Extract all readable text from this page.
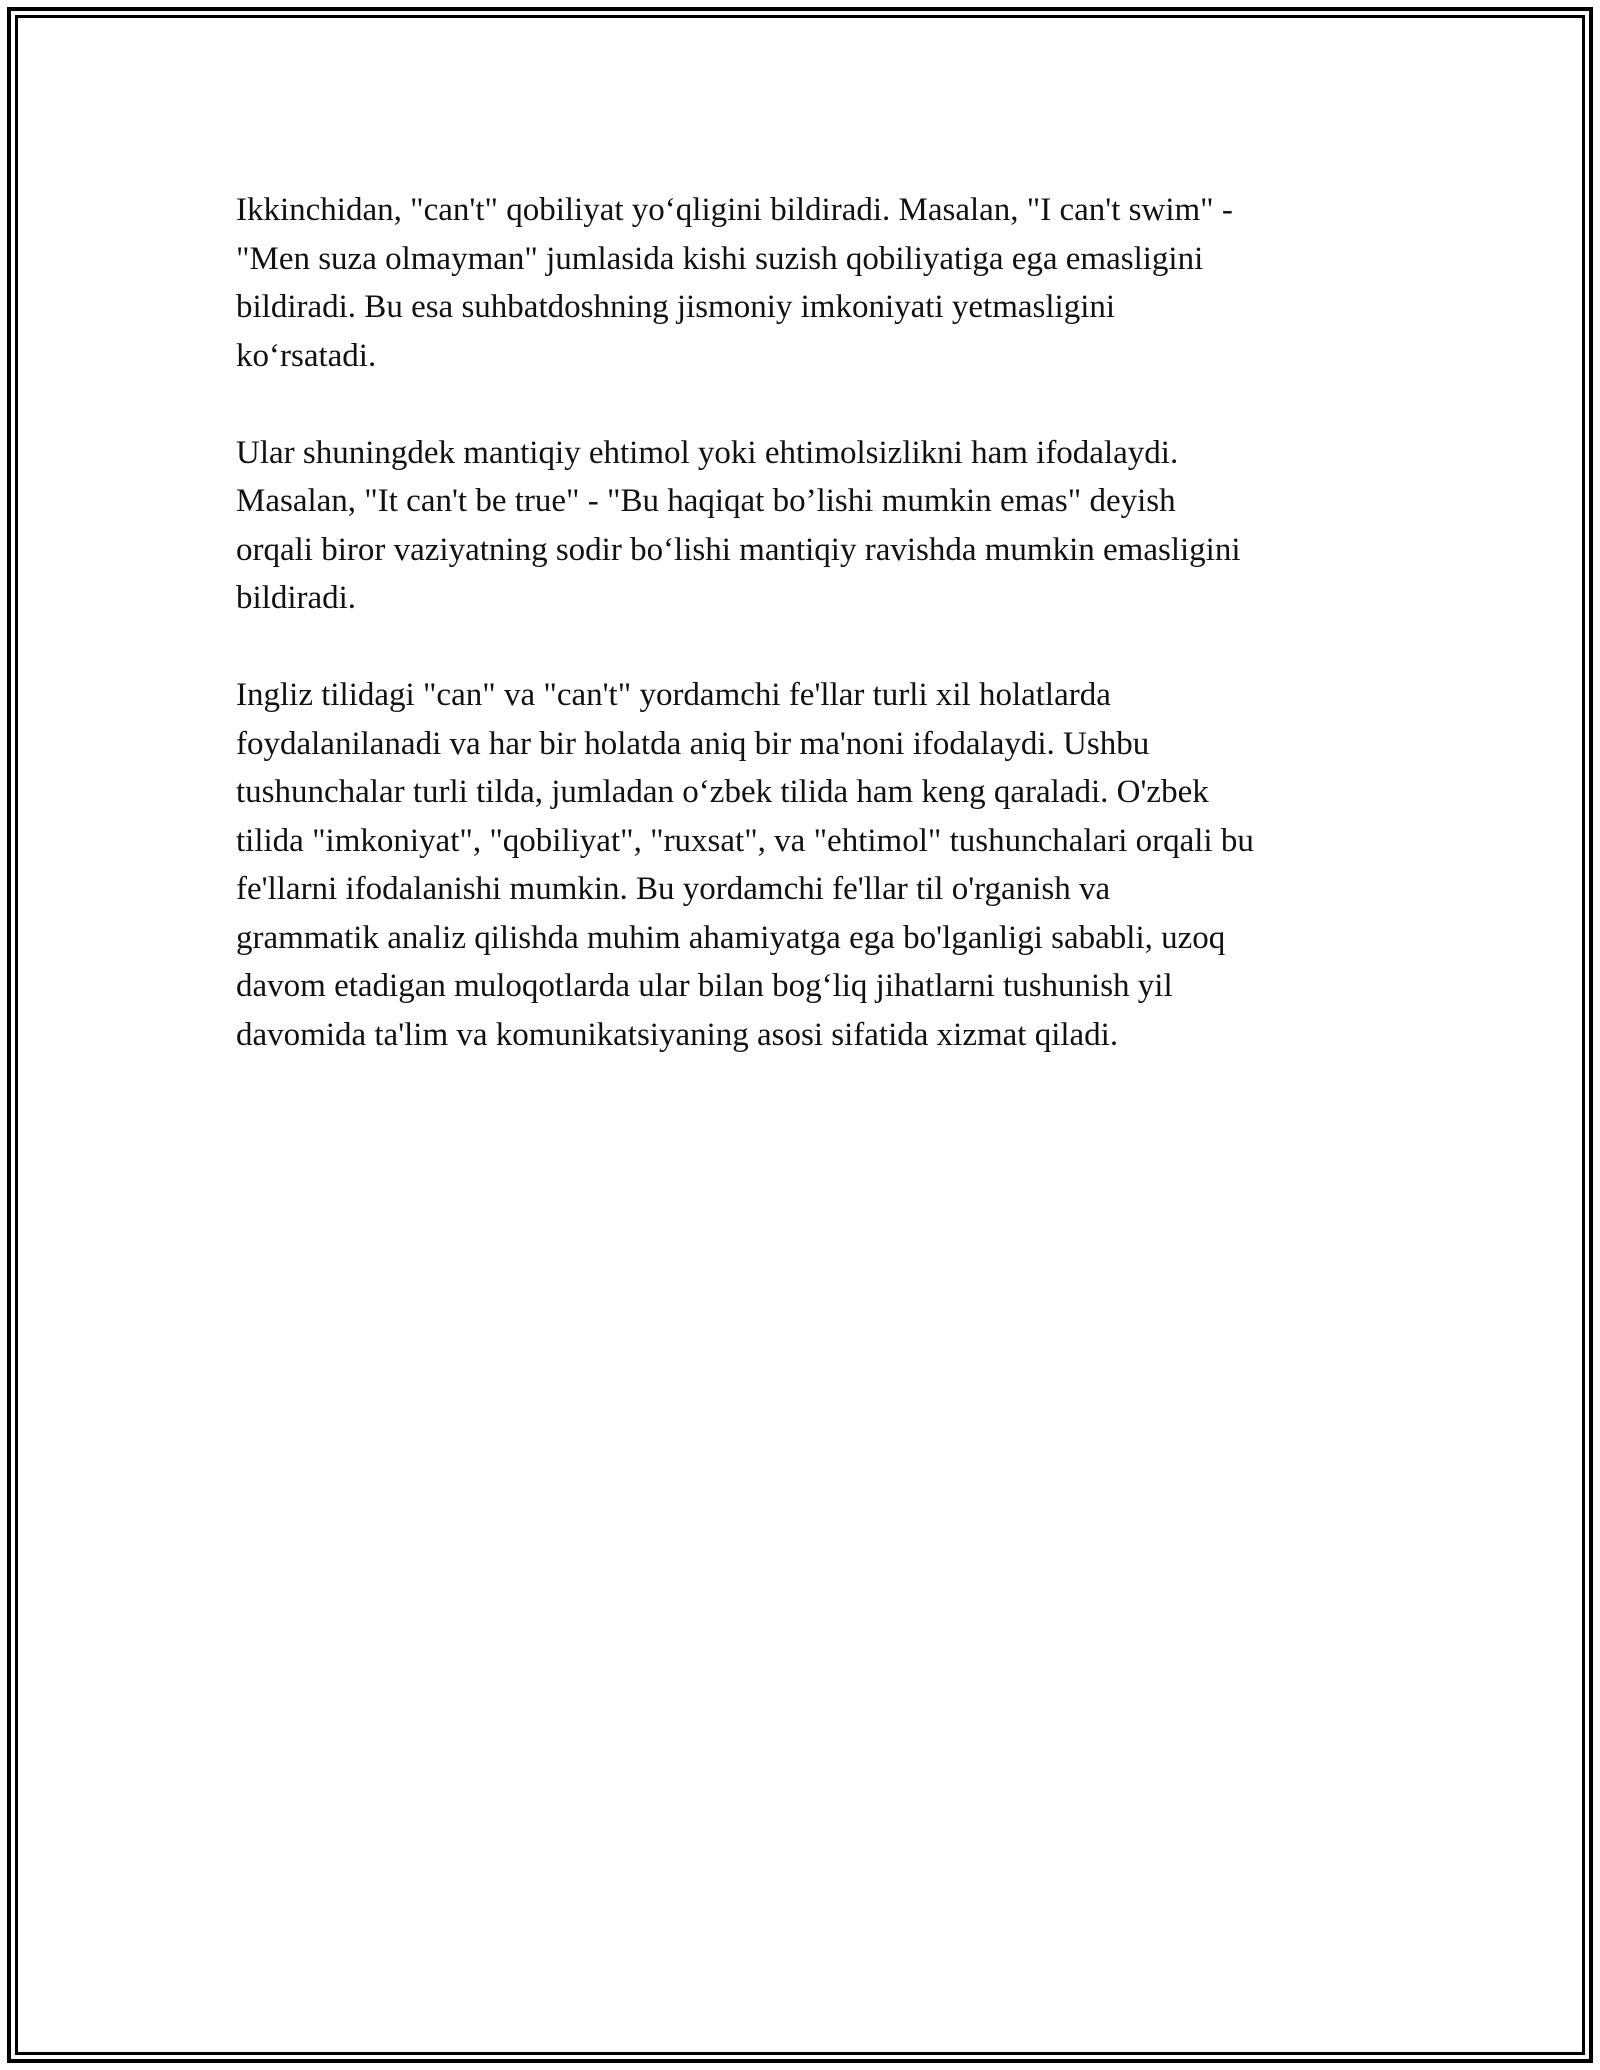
Ikkinchidan, "can't" qobiliyat yo‘qligini bildiradi. Masalan, "I can't swim" -
"Men suza olmayman" jumlasida kishi suzish qobiliyatiga ega emasligini
bildiradi. Bu esa suhbatdoshning jismoniy imkoniyati yetmasligini
ko‘rsatadi.

Ular shuningdek mantiqiy ehtimol yoki ehtimolsizlikni ham ifodalaydi.
Masalan, "It can't be true" - "Bu haqiqat bo’lishi mumkin emas" deyish
orqali biror vaziyatning sodir bo‘lishi mantiqiy ravishda mumkin emasligini
bildiradi.

Ingliz tilidagi "can" va "can't" yordamchi fe'llar turli xil holatlarda
foydalanilanadi va har bir holatda aniq bir ma'noni ifodalaydi. Ushbu
tushunchalar turli tilda, jumladan o‘zbek tilida ham keng qaraladi. O'zbek
tilida "imkoniyat", "qobiliyat", "ruxsat", va "ehtimol" tushunchalari orqali bu
fe'llarni ifodalanishi mumkin. Bu yordamchi fe'llar til o'rganish va
grammatik analiz qilishda muhim ahamiyatga ega bo'lganligi sababli, uzoq
davom etadigan muloqotlarda ular bilan bog‘liq jihatlarni tushunish yil
davomida ta'lim va komunikatsiyaning asosi sifatida xizmat qiladi.
